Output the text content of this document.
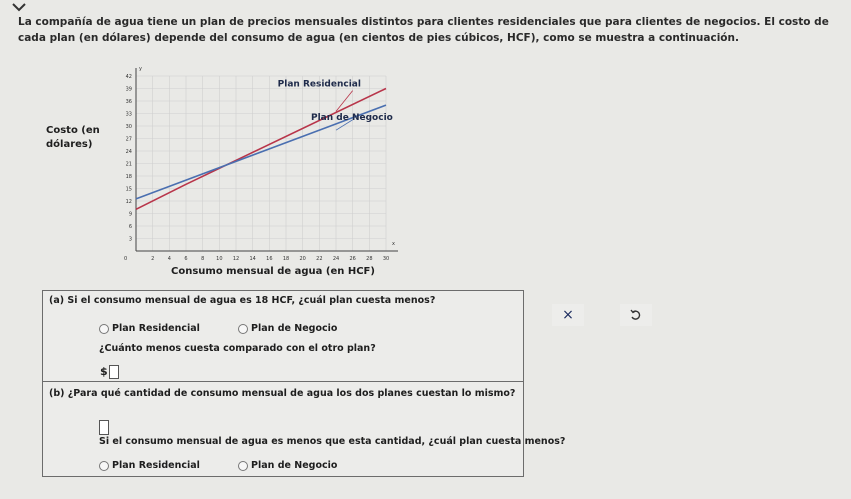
La compañía de agua tiene un plan de precios mensuales distintos para clientes residenciales que para clientes de negocios. El costo de cada plan (en dólares) depende del consumo de agua (en cientos de pies cúbicos, HCF), como se muestra a continuación.
Costo (en dólares)
2	4	6	8 10 12 14 16 18 20 22 24 26 28 30
3
6
9
12
15
18
21
24
27
30
33
36
39
42
0
x
y
Plan Residencial
Plan de Negocio
Consumo mensual de agua (en HCF)
(a) Si el consumo mensual de agua es 18 HCF, ¿cuál plan cuesta menos?
Plan Residencial	Plan de Negocio
¿Cuánto menos cuesta comparado con el otro plan?
$
(b) ¿Para qué cantidad de consumo mensual de agua los dos planes cuestan lo mismo?
Si el consumo mensual de agua es menos que esta cantidad, ¿cuál plan cuesta menos?
Plan Residencial	Plan de Negocio
×
